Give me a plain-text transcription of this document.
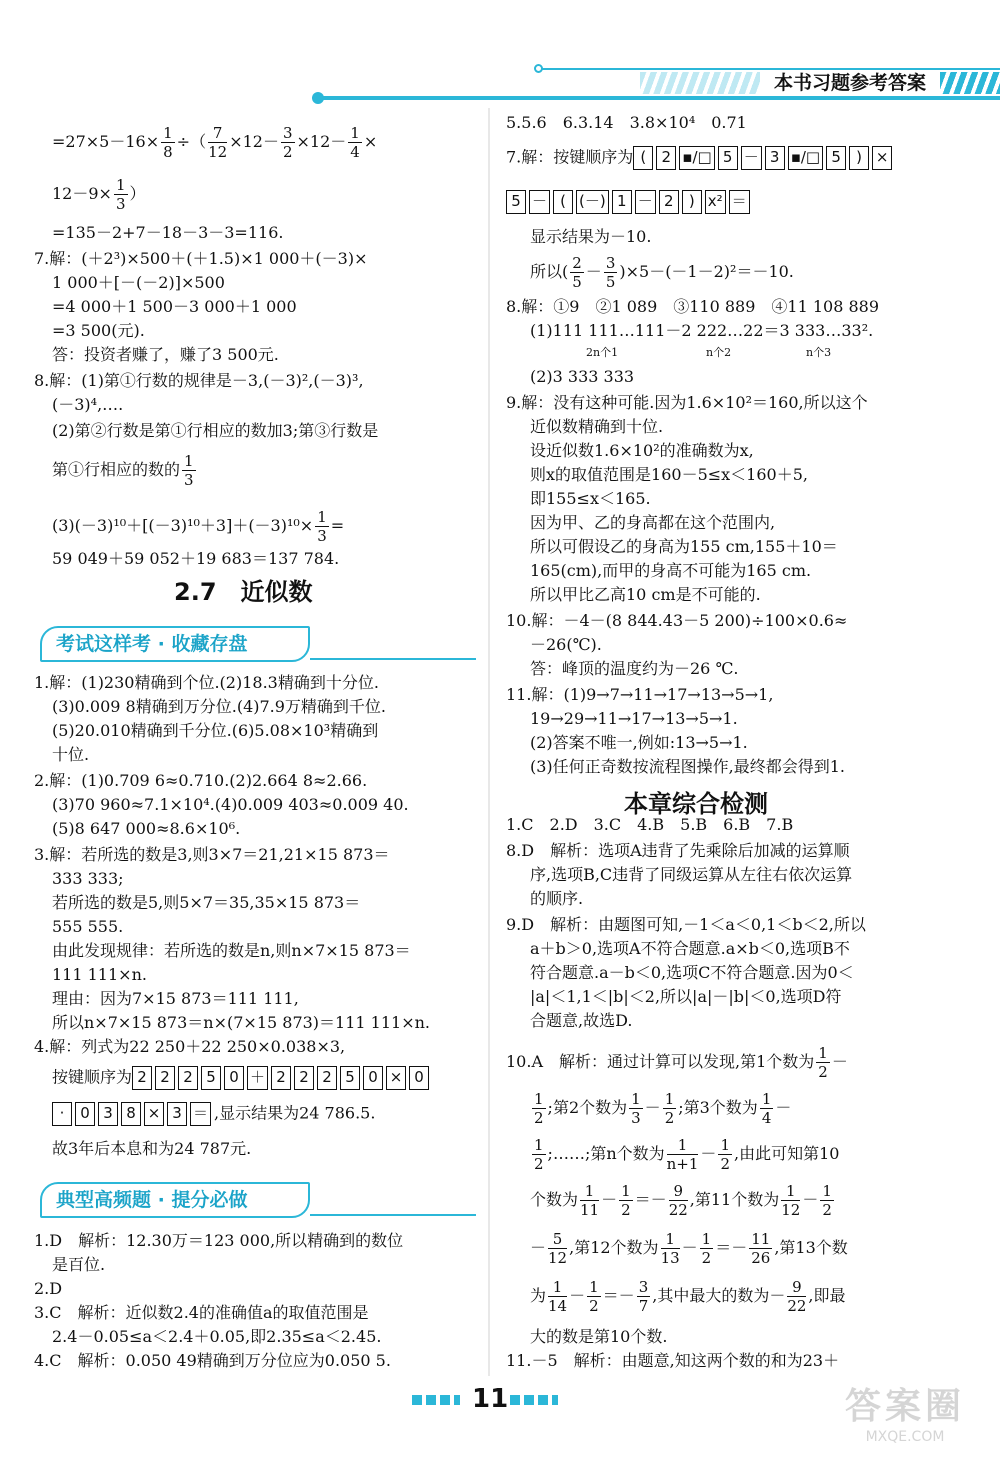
本书习题参考答案
$=27\times 5-16\times \frac{1}{8}$ ÷（ $\frac{7}{12} \times 12- \frac{3}{2} \times 12- \frac{1}{4}$ ×
$12-9\times \frac{1}{3}$ ）
=135－2+7－18－3－3=116.
7.解：(＋2³)×500＋(＋1.5)×1 000＋(－3)×
1 000＋[－(－2)]×500
=4 000＋1 500－3 000＋1 000
=3 500(元).
答：投资者赚了，赚了3 500元.
8.解：(1)第①行数的规律是－3,(－3)²,(－3)³,
(－3)⁴,….
(2)第②行数是第①行相应的数加3;第③行数是
第①行相应的数的 $\frac{1}{3}$
$(3)(-3)^{10}+[(-3)^{10}+3]+(-3)^{10}\times \frac{1}{3}$ =
59 049＋59 052＋19 683＝137 784.
2.7　近似数
考试这样考 · 收藏存盘
1.解：(1)230精确到个位.(2)18.3精确到十分位.
(3)0.009 8精确到万分位.(4)7.9万精确到千位.
(5)20.010精确到千分位.(6)5.08×10³精确到
十位.
2.解：(1)0.709 6≈0.710.(2)2.664 8≈2.66.
(3)70 960≈7.1×10⁴.(4)0.009 403≈0.009 40.
(5)8 647 000≈8.6×10⁶.
3.解：若所选的数是3,则3×7＝21,21×15 873＝
333 333;
若所选的数是5,则5×7＝35,35×15 873＝
555 555.
由此发现规律：若所选的数是n,则n×7×15 873＝
111 111×n.
理由：因为7×15 873＝111 111,
所以n×7×15 873＝n×(7×15 873)＝111 111×n.
4.解：列式为22 250＋22 250×0.038×3,
按键顺序为 2 2 2 5 0 ＋ 2 2 2 5 0 × 0
· 0 3 8 × 3 ＝ ,显示结果为24 786.5.
故3年后本息和为24 787元.
典型高频题 · 提分必做
1.D　解析：12.30万＝123 000,所以精确到的数位
是百位.
2.D
3.C　解析：近似数2.4的准确值a的取值范围是
2.4－0.05≤a＜2.4＋0.05,即2.35≤a＜2.45.
4.C　解析：0.050 49精确到万分位应为0.050 5.
5.5.6　6.3.14　3.8×10⁴　0.71
7.解：按键顺序为 ( 2 ▪/□ 5 － 3 ▪/□ 5 ) ×
5 － ( (－) 1 － 2 ) x² ＝
显示结果为－10.
所以( $\frac{2}{5} - \frac{3}{5} )\times 5-(-1-2)^2=-10$.
8.解：①9　②1 089　③110 889　④11 108 889
(1)111 111…111－2 222…22＝3 333…33².
2n个1	n个2	n个3
(2)3 333 333
9.解：没有这种可能.因为1.6×10²＝160,所以这个
近似数精确到十位.
设近似数1.6×10²的准确数为x,
则x的取值范围是160－5≤x＜160＋5,
即155≤x＜165.
因为甲、乙的身高都在这个范围内,
所以可假设乙的身高为155 cm,155＋10＝
165(cm),而甲的身高不可能为165 cm.
所以甲比乙高10 cm是不可能的.
10.解：－4－(8 844.43－5 200)÷100×0.6≈
－26(℃).
答：峰顶的温度约为－26 ℃.
11.解：(1)9→7→11→17→13→5→1,
19→29→11→17→13→5→1.
(2)答案不唯一,例如:13→5→1.
(3)任何正奇数按流程图操作,最终都会得到1.
本章综合检测
1.C　2.D　3.C　4.B　5.B　6.B　7.B
8.D　解析：选项A违背了先乘除后加减的运算顺
序,选项B,C违背了同级运算从左往右依次运算
的顺序.
9.D　解析：由题图可知,－1＜a＜0,1＜b＜2,所以
a＋b＞0,选项A不符合题意.a×b＜0,选项B不
符合题意.a－b＜0,选项C不符合题意.因为0＜
|a|＜1,1＜|b|＜2,所以|a|－|b|＜0,选项D符
合题意,故选D.
10.A　解析：通过计算可以发现,第1个数为 $\frac{1}{2}$ －
$\frac{1}{2}$ ;第2个数为 $\frac{1}{3} - \frac{1}{2}$ ;第3个数为 $\frac{1}{4}$ －
$\frac{1}{2}$ ;……;第n个数为 $\frac{1}{n+1} - \frac{1}{2}$ ,由此可知第10
个数为 $\frac{1}{11} - \frac{1}{2} =- \frac{9}{22}$ ,第11个数为 $\frac{1}{12} - \frac{1}{2}$
－ $\frac{5}{12}$ ,第12个数为 $\frac{1}{13} - \frac{1}{2} =- \frac{11}{26}$ ,第13个数
为 $\frac{1}{14} - \frac{1}{2} =- \frac{3}{7}$ ,其中最大的数为－ $\frac{9}{22}$ ,即最
大的数是第10个数.
11.－5　解析：由题意,知这两个数的和为23＋
11	答案圈
MXQE.COM
